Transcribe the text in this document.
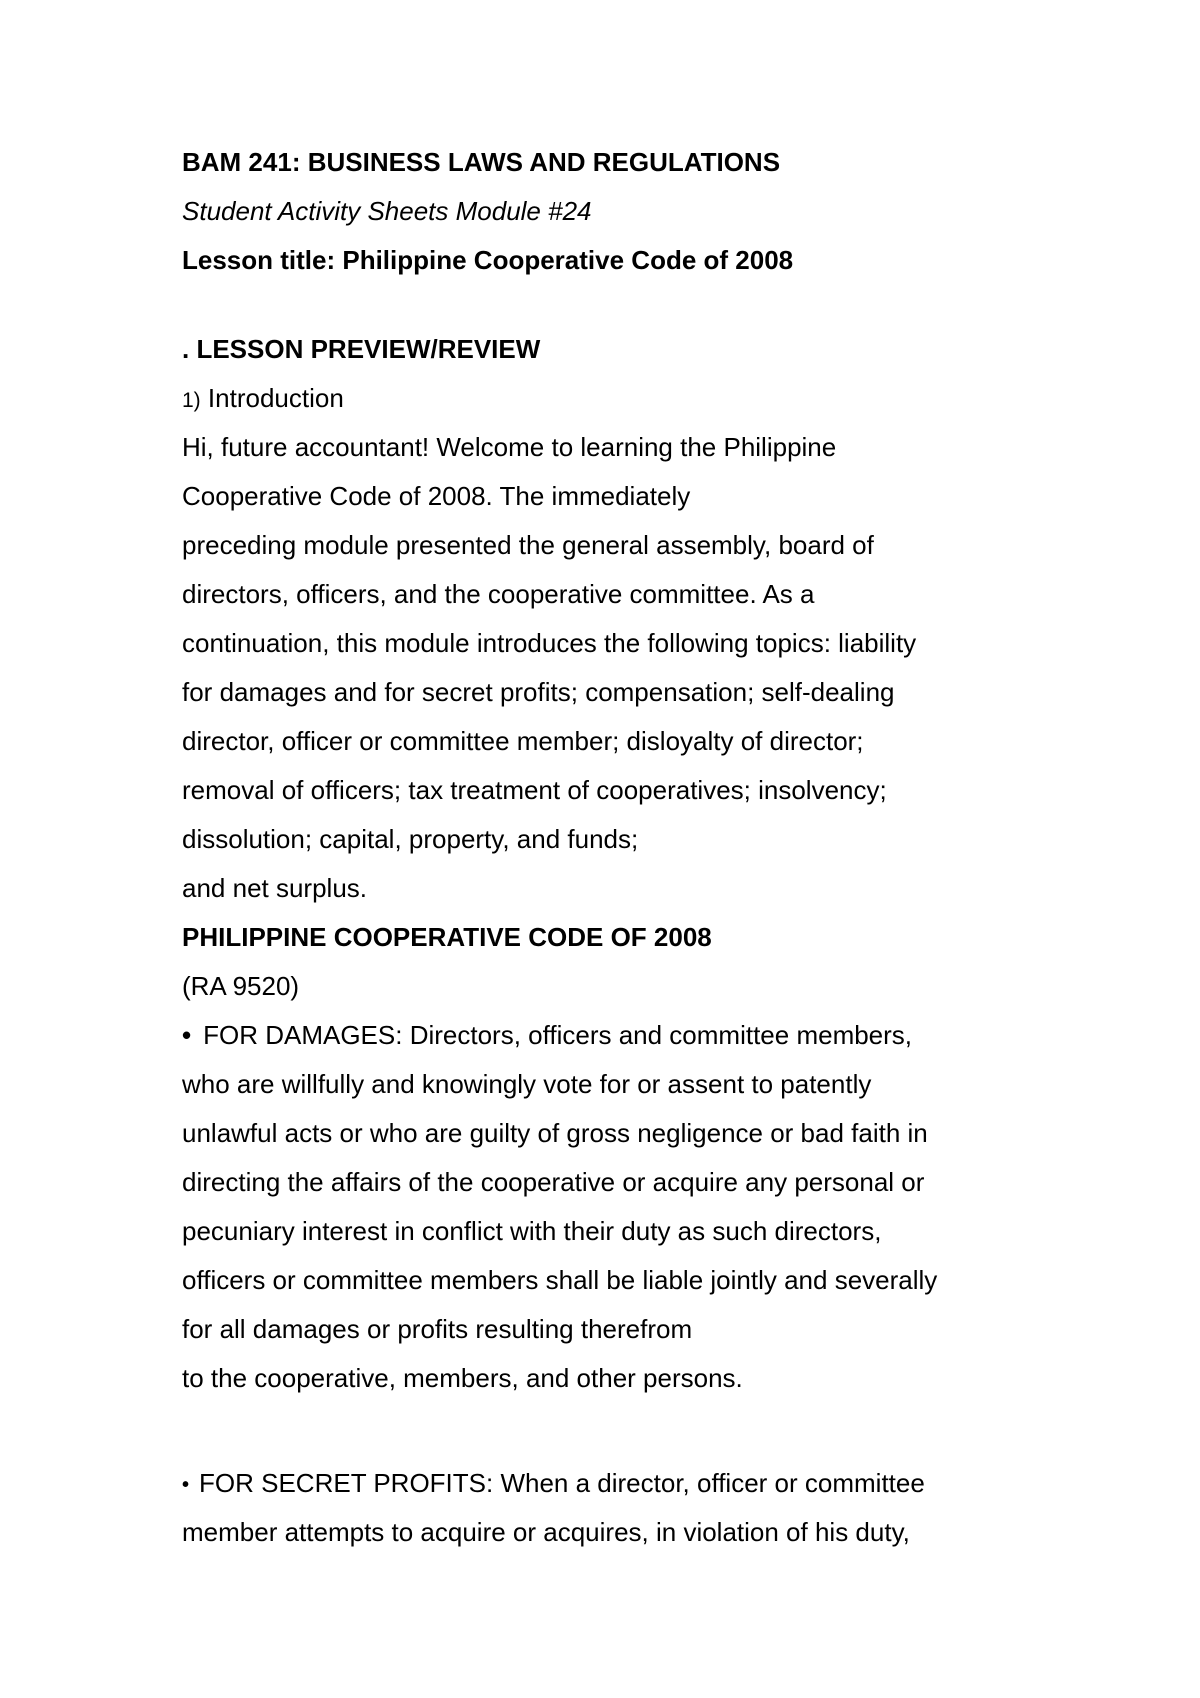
BAM 241: BUSINESS LAWS AND REGULATIONS
Student Activity Sheets Module #24
Lesson title: Philippine Cooperative Code of 2008
. LESSON PREVIEW/REVIEW
1) Introduction
Hi, future accountant! Welcome to learning the Philippine
Cooperative Code of 2008. The immediately
preceding module presented the general assembly, board of
directors, officers, and the cooperative committee. As a
continuation, this module introduces the following topics: liability
for damages and for secret profits; compensation; self-dealing
director, officer or committee member; disloyalty of director;
removal of officers; tax treatment of cooperatives; insolvency;
dissolution; capital, property, and funds;
and net surplus.
PHILIPPINE COOPERATIVE CODE OF 2008
(RA 9520)
• FOR DAMAGES: Directors, officers and committee members,
who are willfully and knowingly vote for or assent to patently
unlawful acts or who are guilty of gross negligence or bad faith in
directing the affairs of the cooperative or acquire any personal or
pecuniary interest in conflict with their duty as such directors,
officers or committee members shall be liable jointly and severally
for all damages or profits resulting therefrom
to the cooperative, members, and other persons.
• FOR SECRET PROFITS: When a director, officer or committee
member attempts to acquire or acquires, in violation of his duty,
